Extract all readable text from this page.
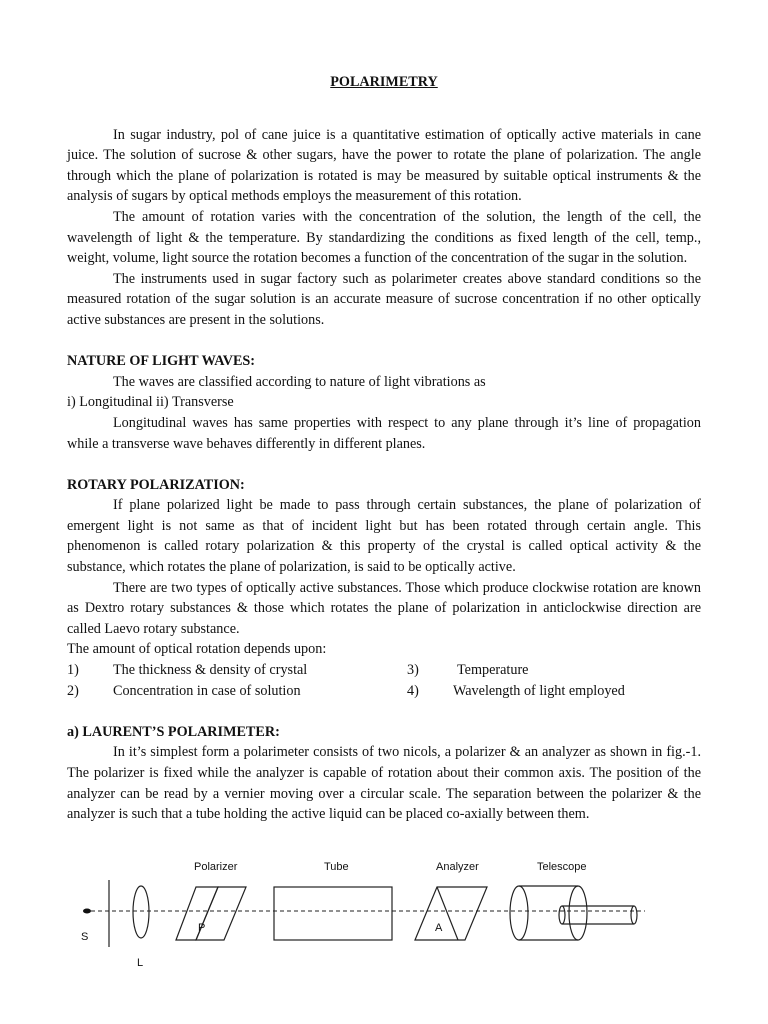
POLARIMETRY

In sugar industry, pol of cane juice is a quantitative estimation of optically active materials in cane juice. The solution of sucrose & other sugars, have the power to rotate the plane of polarization. The angle through which the plane of polarization is rotated is may be measured by suitable optical instruments & the analysis of sugars by optical methods employs the measurement of this rotation.

The amount of rotation varies with the concentration of the solution, the length of the cell, the wavelength of light & the temperature. By standardizing the conditions as fixed length of the cell, temp., weight, volume, light source the rotation becomes a function of the concentration of the sugar in the solution.

The instruments used in sugar factory such as polarimeter creates above standard conditions so the measured rotation of the sugar solution is an accurate measure of sucrose concentration if no other optically active substances are present in the solutions.

NATURE OF LIGHT WAVES:

The waves are classified according to nature of light vibrations as

i) Longitudinal ii) Transverse

Longitudinal waves has same properties with respect to any plane through it’s line of propagation while a transverse wave behaves differently in different planes.

ROTARY POLARIZATION:

If plane polarized light be made to pass through certain substances, the plane of polarization of emergent light is not same as that of incident light but has been rotated through certain angle. This phenomenon is called rotary polarization & this property of the crystal is called optical activity & the substance, which rotates the plane of polarization, is said to be optically active.

There are two types of optically active substances. Those which produce clockwise rotation are known as Dextro rotary substances & those which rotates the plane of polarization in anticlockwise direction are called Laevo rotary substance.

The amount of optical rotation depends upon:

1)	The thickness & density of crystal	3)	Temperature
2)	Concentration in case of solution	4)	Wavelength of light employed

a) LAURENT’S POLARIMETER:

In it’s simplest form a polarimeter consists of two nicols, a polarizer & an analyzer as shown in fig.-1. The polarizer is fixed while the analyzer is capable of rotation about their common axis. The position of the analyzer can be read by a vernier moving over a circular scale. The separation between the polarizer & the analyzer is such that a tube holding the active liquid can be placed co-axially between them.

Polarizer	Tube	Analyzer	Telescope
P	A
S
L
